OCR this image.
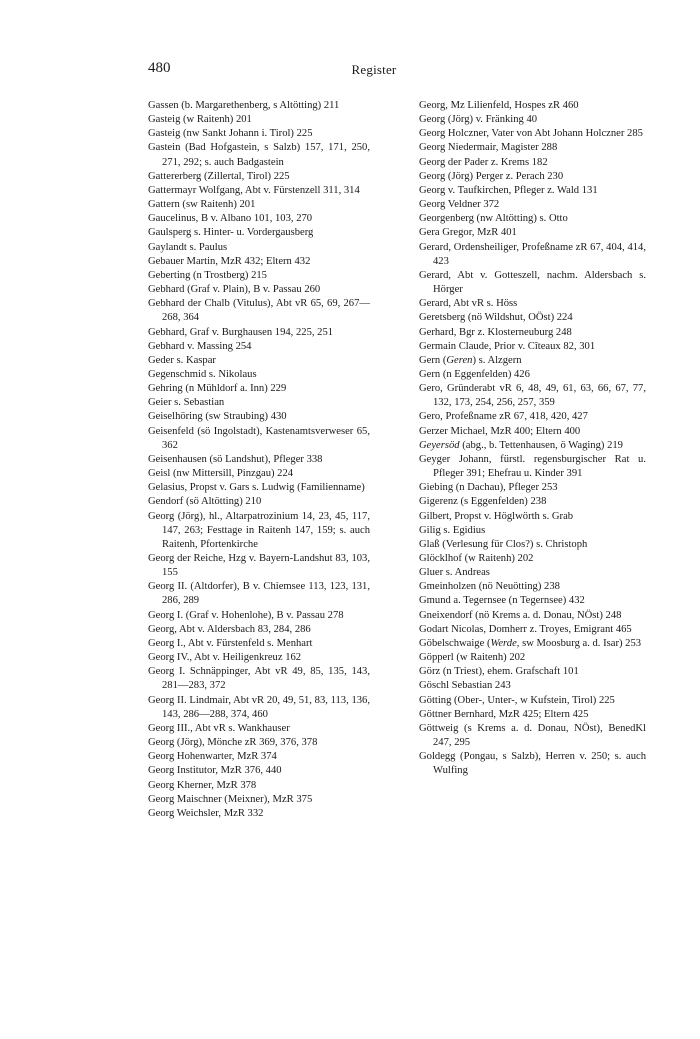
480	Register
Gassen (b. Margarethenberg, s Altötting) 211
Gasteig (w Raitenh) 201
Gasteig (nw Sankt Johann i. Tirol) 225
Gastein (Bad Hofgastein, s Salzb) 157, 171, 250, 271, 292; s. auch Badgastein
Gattererberg (Zillertal, Tirol) 225
Gattermayr Wolfgang, Abt v. Fürstenzell 311, 314
Gattern (sw Raitenh) 201
Gaucelinus, B v. Albano 101, 103, 270
Gaulsperg s. Hinter- u. Vordergausberg
Gaylandt s. Paulus
Gebauer Martin, MzR 432; Eltern 432
Geberting (n Trostberg) 215
Gebhard (Graf v. Plain), B v. Passau 260
Gebhard der Chalb (Vitulus), Abt vR 65, 69, 267—268, 364
Gebhard, Graf v. Burghausen 194, 225, 251
Gebhard v. Massing 254
Geder s. Kaspar
Gegenschmid s. Nikolaus
Gehring (n Mühldorf a. Inn) 229
Geier s. Sebastian
Geiselhöring (sw Straubing) 430
Geisenfeld (sö Ingolstadt), Kastenamtsverweser 65, 362
Geisenhausen (sö Landshut), Pfleger 338
Geisl (nw Mittersill, Pinzgau) 224
Gelasius, Propst v. Gars s. Ludwig (Familienname)
Gendorf (sö Altötting) 210
Georg (Jörg), hl., Altarpatrozinium 14, 23, 45, 117, 147, 263; Festtage in Raitenh 147, 159; s. auch Raitenh, Pfortenkirche
Georg der Reiche, Hzg v. Bayern-Landshut 83, 103, 155
Georg II. (Altdorfer), B v. Chiemsee 113, 123, 131, 286, 289
Georg I. (Graf v. Hohenlohe), B v. Passau 278
Georg, Abt v. Aldersbach 83, 284, 286
Georg I., Abt v. Fürstenfeld s. Menhart
Georg IV., Abt v. Heiligenkreuz 162
Georg I. Schnäppinger, Abt vR 49, 85, 135, 143, 281—283, 372
Georg II. Lindmair, Abt vR 20, 49, 51, 83, 113, 136, 143, 286—288, 374, 460
Georg III., Abt vR s. Wankhauser
Georg (Jörg), Mönche zR 369, 376, 378
Georg Hohenwarter, MzR 374
Georg Institutor, MzR 376, 440
Georg Kherner, MzR 378
Georg Maischner (Meixner), MzR 375
Georg Weichsler, MzR 332
Georg, Mz Lilienfeld, Hospes zR 460
Georg (Jörg) v. Fränking 40
Georg Holczner, Vater von Abt Johann Holczner 285
Georg Niedermair, Magister 288
Georg der Pader z. Krems 182
Georg (Jörg) Perger z. Perach 230
Georg v. Taufkirchen, Pfleger z. Wald 131
Georg Veldner 372
Georgenberg (nw Altötting) s. Otto
Gera Gregor, MzR 401
Gerard, Ordensheiliger, Profeßname zR 67, 404, 414, 423
Gerard, Abt v. Gotteszell, nachm. Aldersbach s. Hörger
Gerard, Abt vR s. Höss
Geretsberg (nö Wildshut, OÖst) 224
Gerhard, Bgr z. Klosterneuburg 248
Germain Claude, Prior v. Cîteaux 82, 301
Gern (Geren) s. Alzgern
Gern (n Eggenfelden) 426
Gero, Gründerabt vR 6, 48, 49, 61, 63, 66, 67, 77, 132, 173, 254, 256, 257, 359
Gero, Profeßname zR 67, 418, 420, 427
Gerzer Michael, MzR 400; Eltern 400
Geyersöd (abg., b. Tettenhausen, ö Waging) 219
Geyger Johann, fürstl. regensburgischer Rat u. Pfleger 391; Ehefrau u. Kinder 391
Giebing (n Dachau), Pfleger 253
Gigerenz (s Eggenfelden) 238
Gilbert, Propst v. Höglwörth s. Grab
Gilig s. Egidius
Glaß (Verlesung für Clos?) s. Christoph
Glöcklhof (w Raitenh) 202
Gluer s. Andreas
Gmeinholzen (nö Neuötting) 238
Gmund a. Tegernsee (n Tegernsee) 432
Gneixendorf (nö Krems a. d. Donau, NÖst) 248
Godart Nicolas, Domherr z. Troyes, Emigrant 465
Göbelschwaige (Werde, sw Moosburg a. d. Isar) 253
Göpperl (w Raitenh) 202
Görz (n Triest), ehem. Grafschaft 101
Göschl Sebastian 243
Götting (Ober-, Unter-, w Kufstein, Tirol) 225
Göttner Bernhard, MzR 425; Eltern 425
Göttweig (s Krems a. d. Donau, NÖst), BenedKl 247, 295
Goldegg (Pongau, s Salzb), Herren v. 250; s. auch Wulfing
